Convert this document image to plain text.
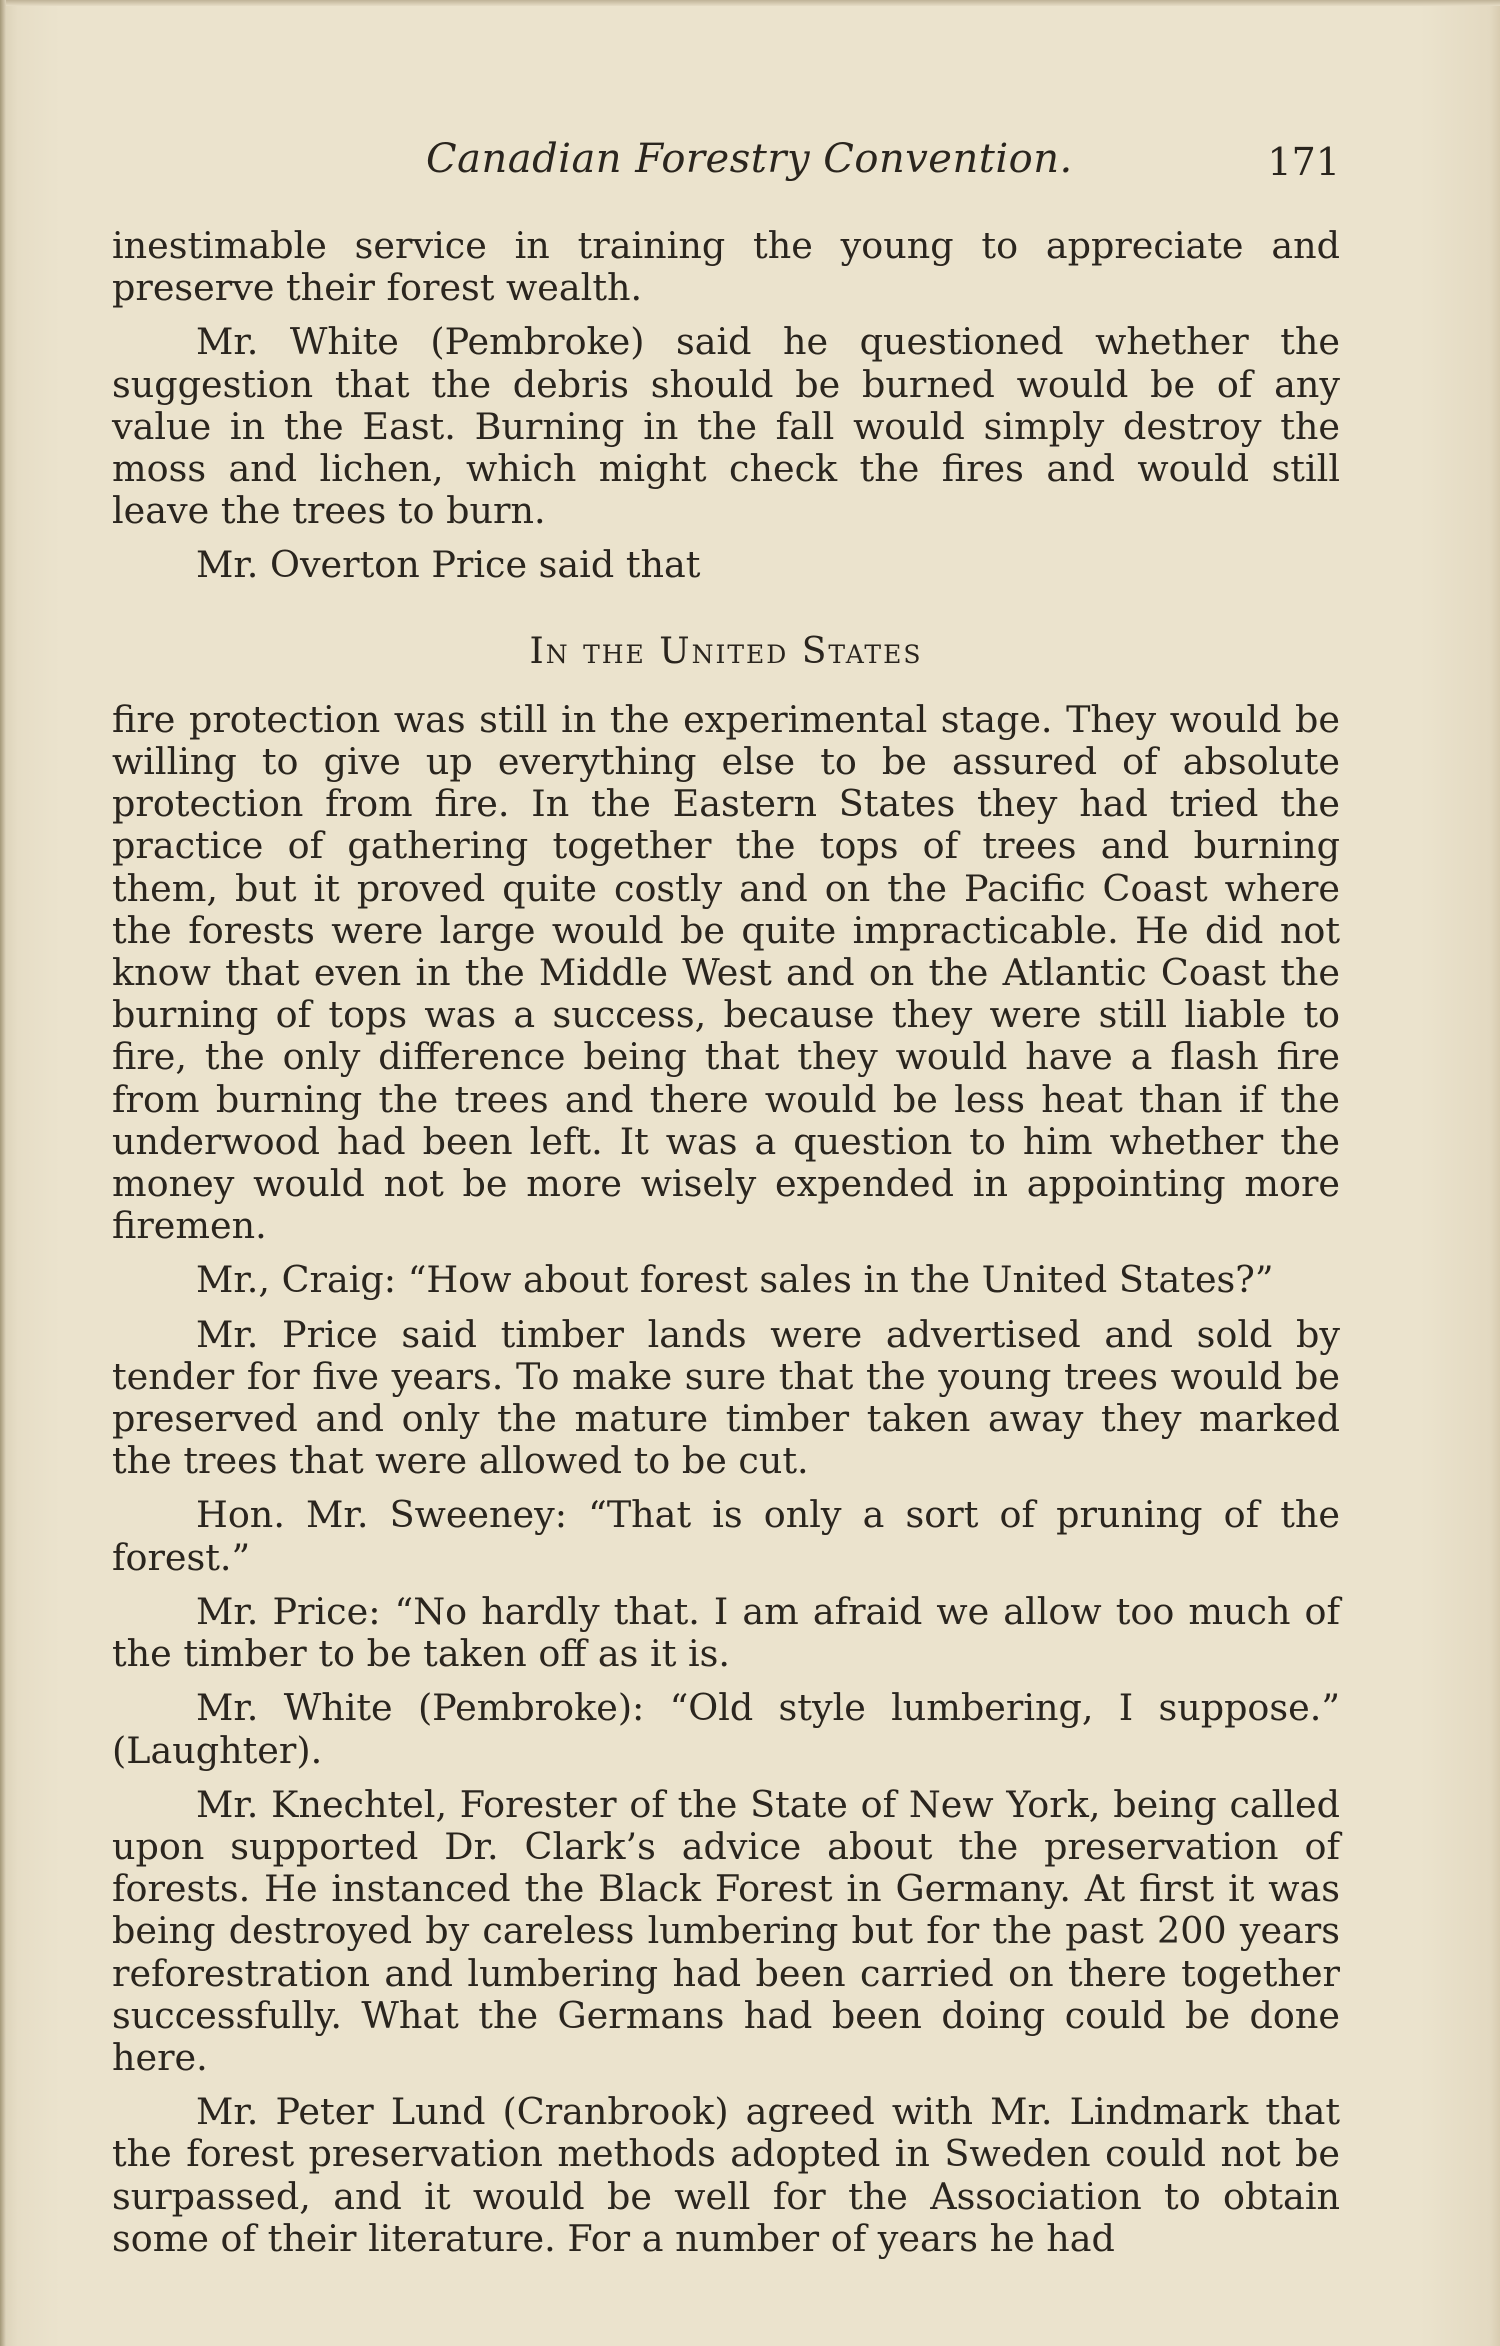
Canadian Forestry Convention.	171

inestimable service in training the young to appreciate and preserve their forest wealth.

Mr. White (Pembroke) said he questioned whether the suggestion that the debris should be burned would be of any value in the East. Burning in the fall would simply destroy the moss and lichen, which might check the fires and would still leave the trees to burn.

Mr. Overton Price said that

In the United States

fire protection was still in the experimental stage. They would be willing to give up everything else to be assured of absolute protection from fire. In the Eastern States they had tried the practice of gathering together the tops of trees and burning them, but it proved quite costly and on the Pacific Coast where the forests were large would be quite impracticable. He did not know that even in the Middle West and on the Atlantic Coast the burning of tops was a success, because they were still liable to fire, the only difference being that they would have a flash fire from burning the trees and there would be less heat than if the underwood had been left. It was a question to him whether the money would not be more wisely expended in appointing more firemen.

Mr., Craig: “How about forest sales in the United States?”

Mr. Price said timber lands were advertised and sold by tender for five years. To make sure that the young trees would be preserved and only the mature timber taken away they marked the trees that were allowed to be cut.

Hon. Mr. Sweeney: “That is only a sort of pruning of the forest.”

Mr. Price: “No hardly that. I am afraid we allow too much of the timber to be taken off as it is.

Mr. White (Pembroke): “Old style lumbering, I suppose.” (Laughter).

Mr. Knechtel, Forester of the State of New York, being called upon supported Dr. Clark’s advice about the preservation of forests. He instanced the Black Forest in Germany. At first it was being destroyed by careless lumbering but for the past 200 years reforestration and lumbering had been carried on there together successfully. What the Germans had been doing could be done here.

Mr. Peter Lund (Cranbrook) agreed with Mr. Lindmark that the forest preservation methods adopted in Sweden could not be surpassed, and it would be well for the Association to obtain some of their literature. For a number of years he had
